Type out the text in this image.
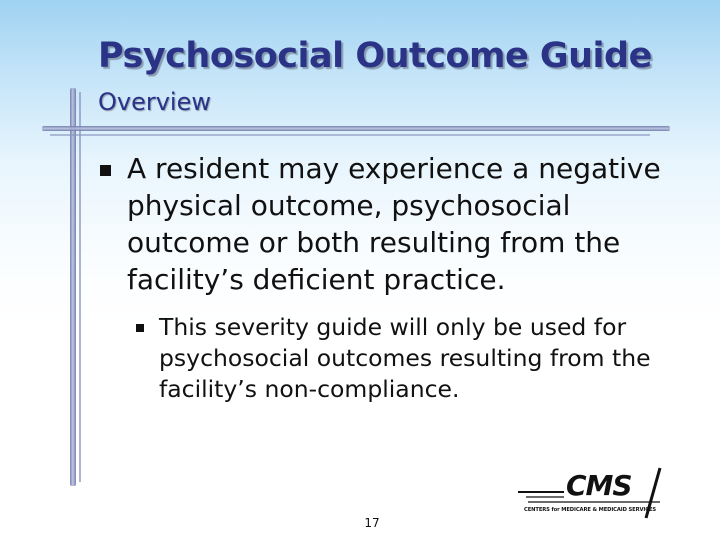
Psychosocial Outcome Guide
Overview
A resident may experience a negative physical outcome, psychosocial outcome or both resulting from the facility’s deficient practice.
This severity guide will only be used for psychosocial outcomes resulting from the facility’s non-compliance.
17
CMS
CENTERS for MEDICARE & MEDICAID SERVICES
